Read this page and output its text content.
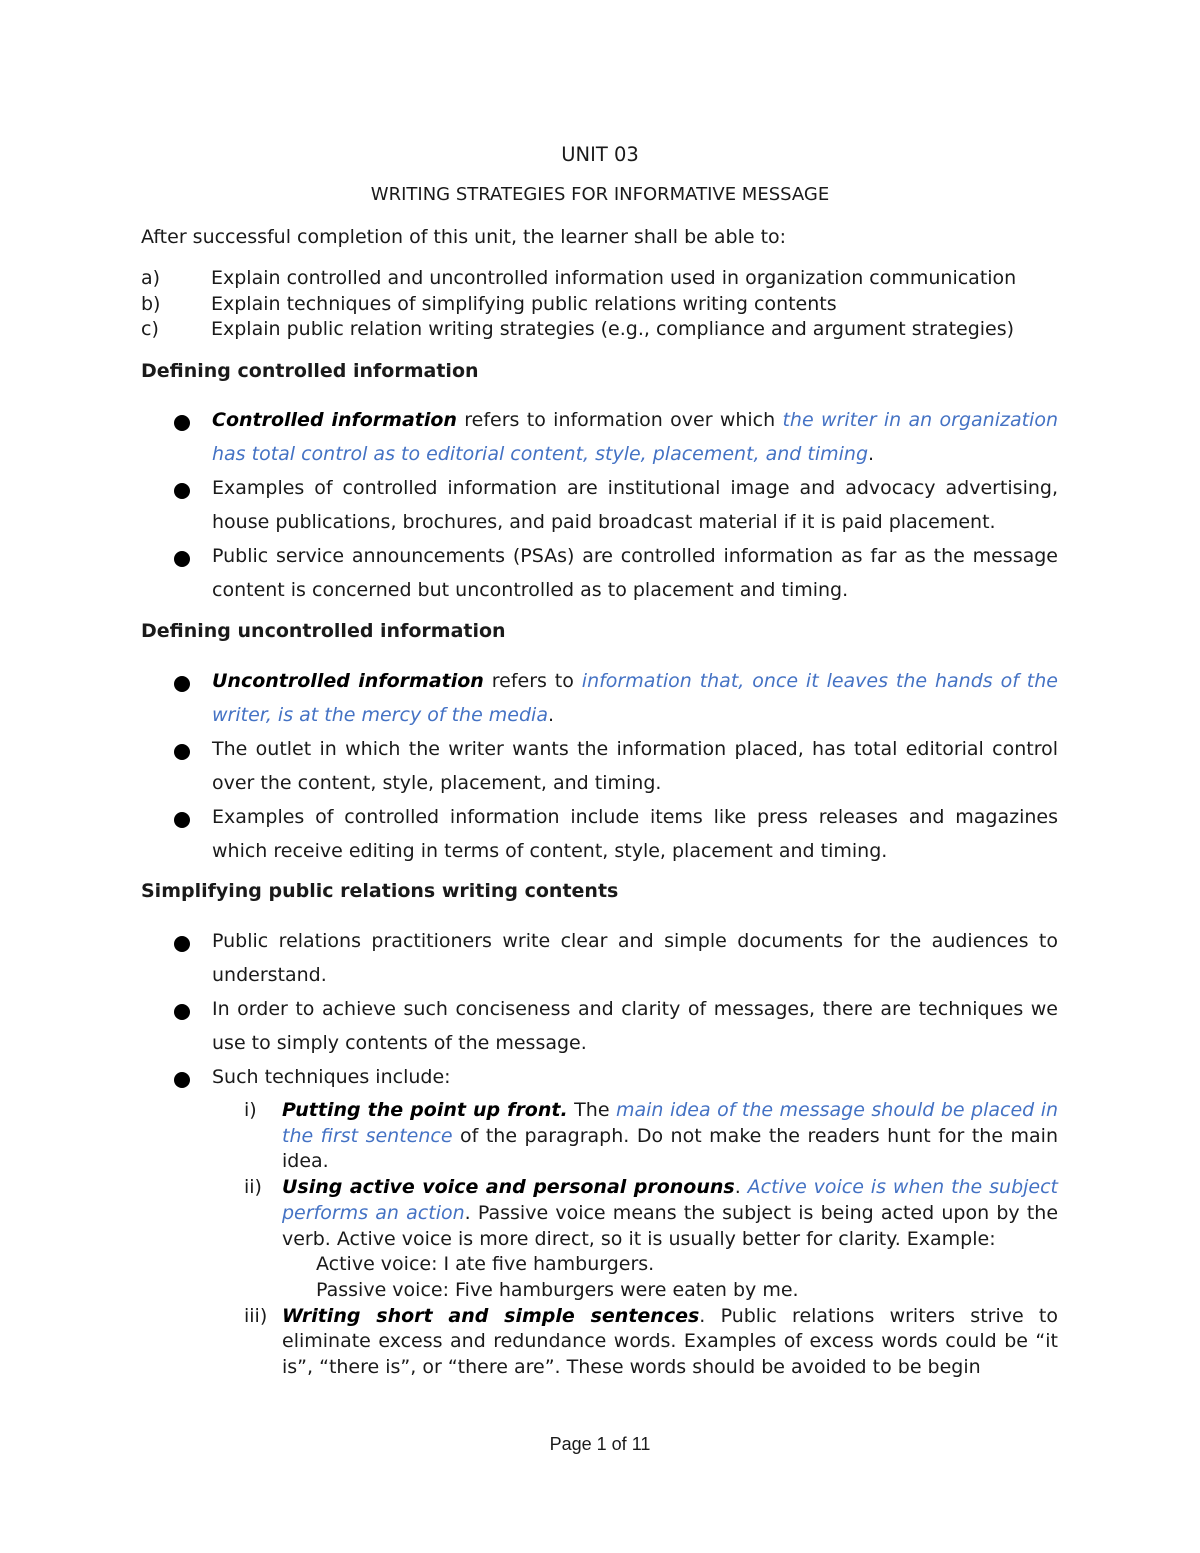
UNIT 03
WRITING STRATEGIES FOR INFORMATIVE MESSAGE
After successful completion of this unit, the learner shall be able to:
a)	Explain controlled and uncontrolled information used in organization communication
b)	Explain techniques of simplifying public relations writing contents
c)	Explain public relation writing strategies (e.g., compliance and argument strategies)
Defining controlled information
Controlled information refers to information over which the writer in an organization has total control as to editorial content, style, placement, and timing.
Examples of controlled information are institutional image and advocacy advertising, house publications, brochures, and paid broadcast material if it is paid placement.
Public service announcements (PSAs) are controlled information as far as the message content is concerned but uncontrolled as to placement and timing.
Defining uncontrolled information
Uncontrolled information refers to information that, once it leaves the hands of the writer, is at the mercy of the media.
The outlet in which the writer wants the information placed, has total editorial control over the content, style, placement, and timing.
Examples of controlled information include items like press releases and magazines which receive editing in terms of content, style, placement and timing.
Simplifying public relations writing contents
Public relations practitioners write clear and simple documents for the audiences to understand.
In order to achieve such conciseness and clarity of messages, there are techniques we use to simply contents of the message.
Such techniques include:
i) Putting the point up front. The main idea of the message should be placed in the first sentence of the paragraph. Do not make the readers hunt for the main idea.
ii) Using active voice and personal pronouns. Active voice is when the subject performs an action. Passive voice means the subject is being acted upon by the verb. Active voice is more direct, so it is usually better for clarity. Example:
Active voice: I ate five hamburgers.
Passive voice: Five hamburgers were eaten by me.
iii) Writing short and simple sentences. Public relations writers strive to eliminate excess and redundance words. Examples of excess words could be “it is”, “there is”, or “there are”. These words should be avoided to be begin
Page 1 of 11
